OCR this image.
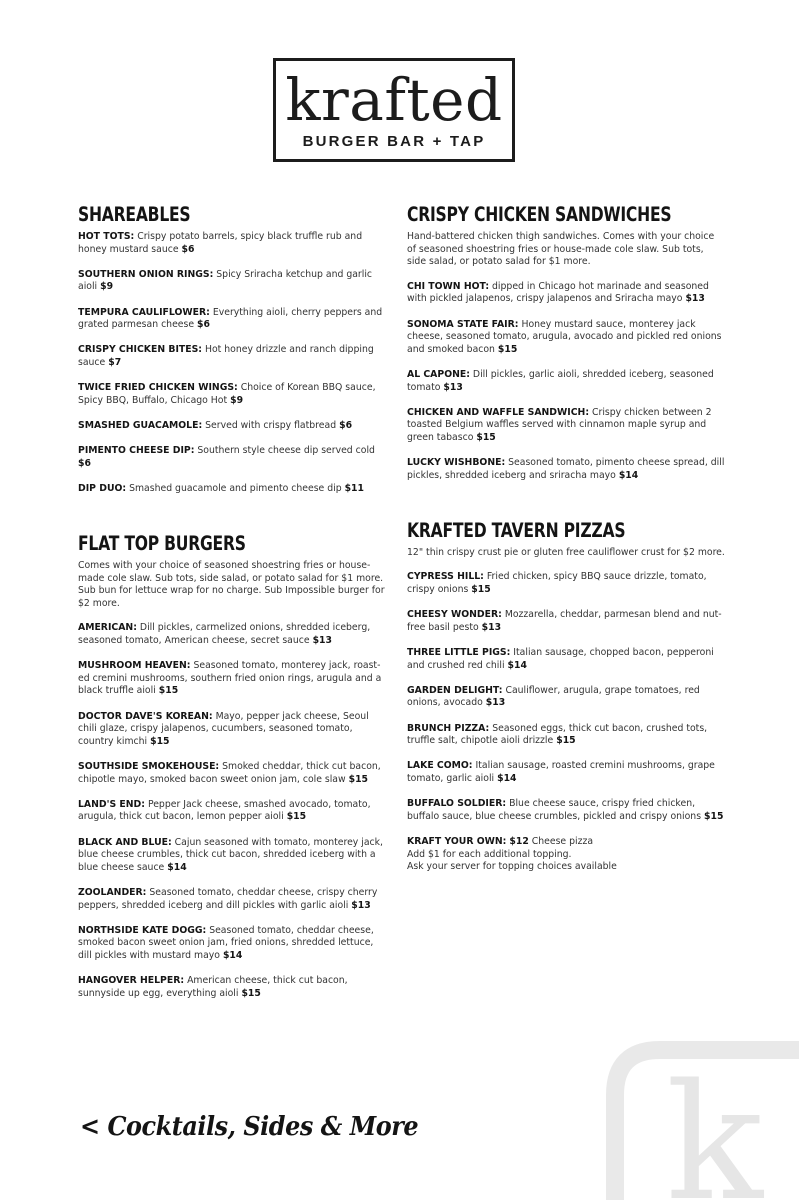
krafted
BURGER BAR + TAP
SHAREABLES
HOT TOTS: Crispy potato barrels, spicy black truffle rub and honey mustard sauce $6
SOUTHERN ONION RINGS: Spicy Sriracha ketchup and garlic aioli $9
TEMPURA CAULIFLOWER: Everything aioli, cherry peppers and grated parmesan cheese $6
CRISPY CHICKEN BITES: Hot honey drizzle and ranch dipping sauce $7
TWICE FRIED CHICKEN WINGS: Choice of Korean BBQ sauce, Spicy BBQ, Buffalo, Chicago Hot $9
SMASHED GUACAMOLE: Served with crispy flatbread $6
PIMENTO CHEESE DIP: Southern style cheese dip served cold $6
DIP DUO: Smashed guacamole and pimento cheese dip $11
FLAT TOP BURGERS

Comes with your choice of seasoned shoestring fries or house-made cole slaw. Sub tots, side salad, or potato salad for $1 more. Sub bun for lettuce wrap for no charge. Sub Impossible burger for $2 more.

AMERICAN: Dill pickles, carmelized onions, shredded iceberg, seasoned tomato, American cheese, secret sauce $13
MUSHROOM HEAVEN: Seasoned tomato, monterey jack, roast-ed cremini mushrooms, southern fried onion rings, arugula and a black truffle aioli $15
DOCTOR DAVE'S KOREAN: Mayo, pepper jack cheese, Seoul chili glaze, crispy jalapenos, cucumbers, seasoned tomato, country kimchi $15
SOUTHSIDE SMOKEHOUSE: Smoked cheddar, thick cut bacon, chipotle mayo, smoked bacon sweet onion jam, cole slaw $15
LAND'S END: Pepper Jack cheese, smashed avocado, tomato, arugula, thick cut bacon, lemon pepper aioli $15
BLACK AND BLUE: Cajun seasoned with tomato, monterey jack, blue cheese crumbles, thick cut bacon, shredded iceberg with a blue cheese sauce $14
ZOOLANDER: Seasoned tomato, cheddar cheese, crispy cherry peppers, shredded iceberg and dill pickles with garlic aioli $13
NORTHSIDE KATE DOGG: Seasoned tomato, cheddar cheese, smoked bacon sweet onion jam, fried onions, shredded lettuce, dill pickles with mustard mayo $14
HANGOVER HELPER: American cheese, thick cut bacon, sunnyside up egg, everything aioli $15
CRISPY CHICKEN SANDWICHES

Hand-battered chicken thigh sandwiches. Comes with your choice of seasoned shoestring fries or house-made cole slaw. Sub tots, side salad, or potato salad for $1 more.

CHI TOWN HOT: dipped in Chicago hot marinade and seasoned with pickled jalapenos, crispy jalapenos and Sriracha mayo $13
SONOMA STATE FAIR: Honey mustard sauce, monterey jack cheese, seasoned tomato, arugula, avocado and pickled red onions and smoked bacon $15
AL CAPONE: Dill pickles, garlic aioli, shredded iceberg, seasoned tomato $13
CHICKEN AND WAFFLE SANDWICH: Crispy chicken between 2 toasted Belgium waffles served with cinnamon maple syrup and green tabasco $15
LUCKY WISHBONE: Seasoned tomato, pimento cheese spread, dill pickles, shredded iceberg and sriracha mayo $14
KRAFTED TAVERN PIZZAS

12" thin crispy crust pie or gluten free cauliflower crust for $2 more.

CYPRESS HILL: Fried chicken, spicy BBQ sauce drizzle, tomato, crispy onions $15
CHEESY WONDER: Mozzarella, cheddar, parmesan blend and nut-free basil pesto $13
THREE LITTLE PIGS: Italian sausage, chopped bacon, pepperoni and crushed red chili $14
GARDEN DELIGHT: Cauliflower, arugula, grape tomatoes, red onions, avocado $13
BRUNCH PIZZA: Seasoned eggs, thick cut bacon, crushed tots, truffle salt, chipotle aioli drizzle $15
LAKE COMO: Italian sausage, roasted cremini mushrooms, grape tomato, garlic aioli $14
BUFFALO SOLDIER: Blue cheese sauce, crispy fried chicken, buffalo sauce, blue cheese crumbles, pickled and crispy onions $15
KRAFT YOUR OWN: $12 Cheese pizza
Add $1 for each additional topping.
Ask your server for topping choices available
< Cocktails, Sides & More k
